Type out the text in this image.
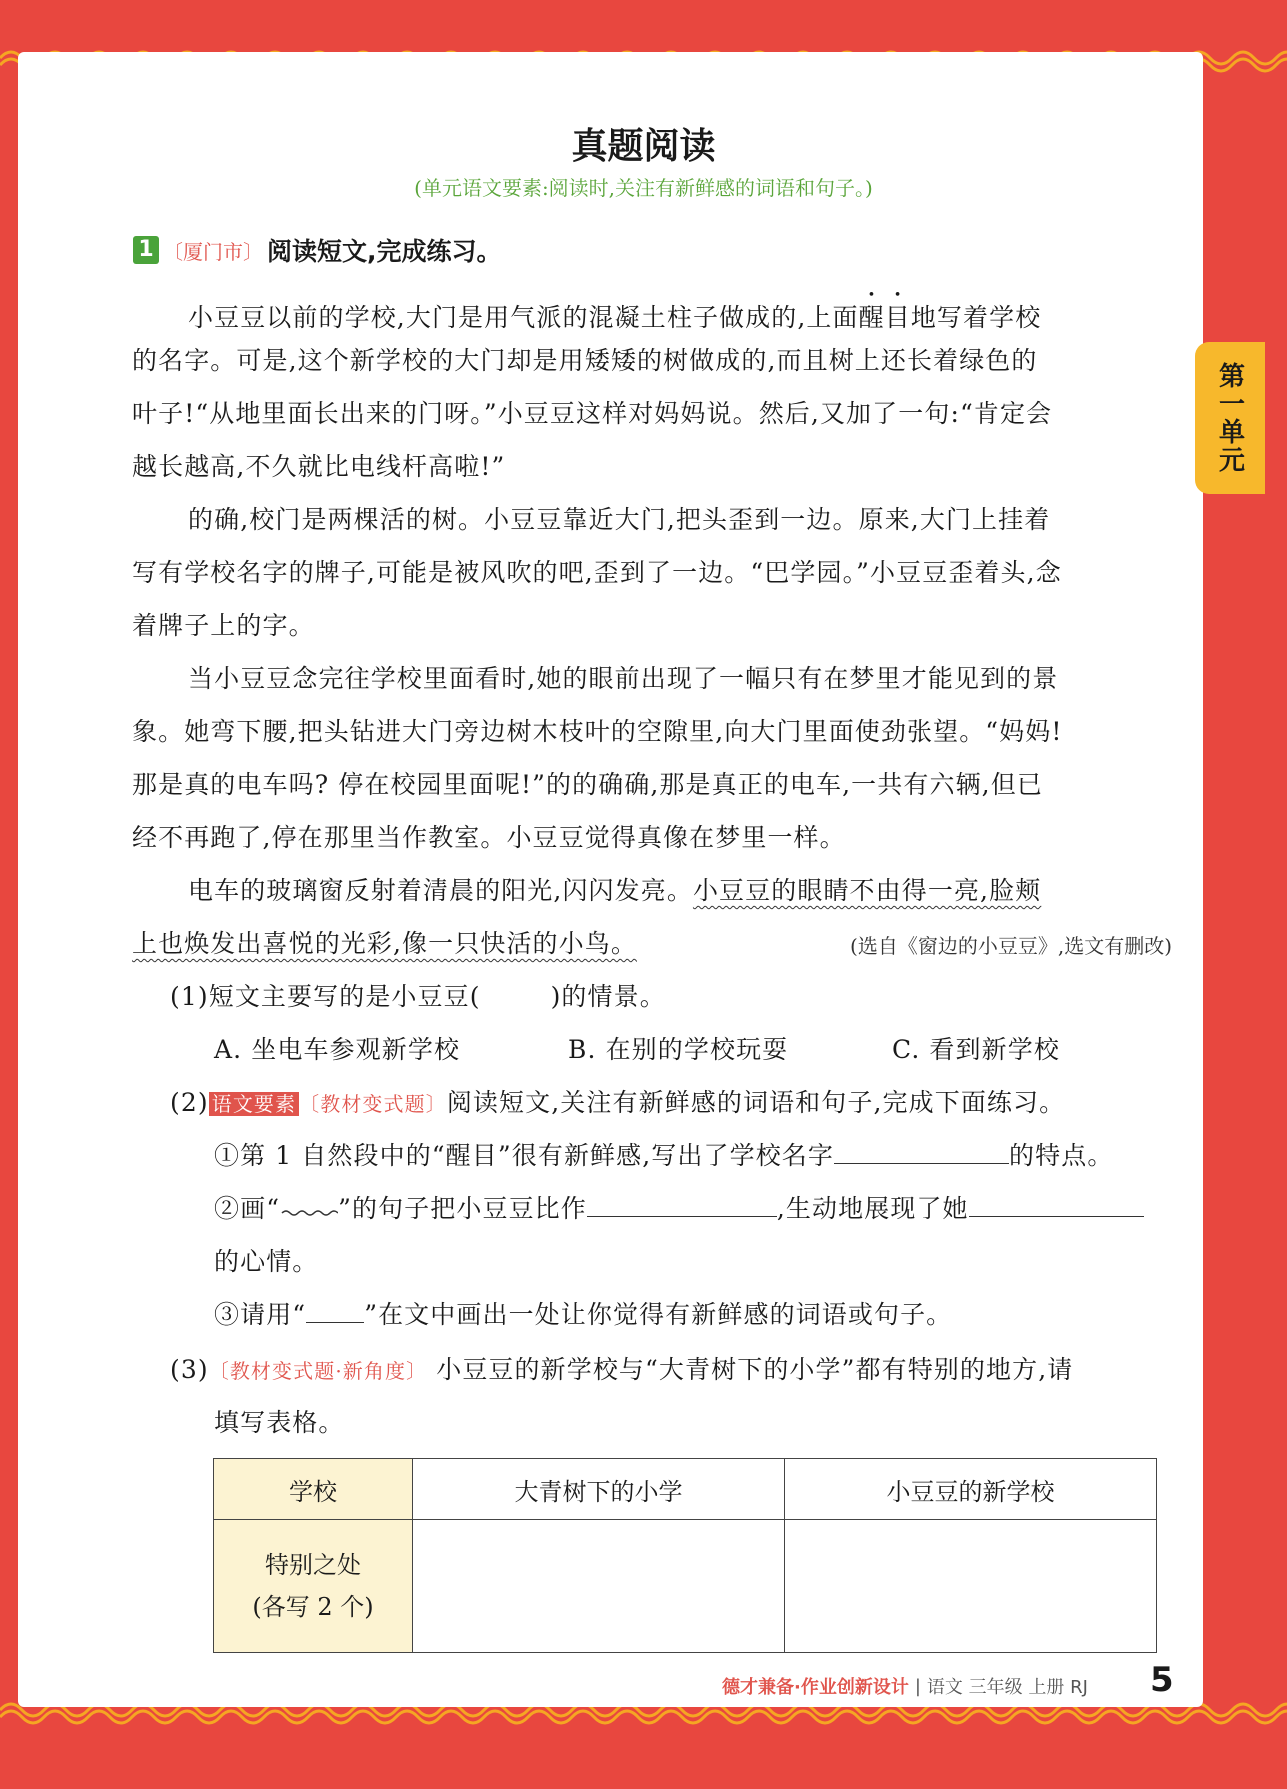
第一单元
真题阅读
(单元语文要素:阅读时,关注有新鲜感的词语和句子。)
1 〔厦门市〕 阅读短文,完成练习。
小豆豆以前的学校,大门是用气派的混凝土柱子做成的,上面醒目地写着学校
的名字。可是,这个新学校的大门却是用矮矮的树做成的,而且树上还长着绿色的
叶子!“从地里面长出来的门呀。”小豆豆这样对妈妈说。然后,又加了一句:“肯定会
越长越高,不久就比电线杆高啦!”
的确,校门是两棵活的树。小豆豆靠近大门,把头歪到一边。原来,大门上挂着
写有学校名字的牌子,可能是被风吹的吧,歪到了一边。“巴学园。”小豆豆歪着头,念
着牌子上的字。
当小豆豆念完往学校里面看时,她的眼前出现了一幅只有在梦里才能见到的景
象。她弯下腰,把头钻进大门旁边树木枝叶的空隙里,向大门里面使劲张望。“妈妈!
那是真的电车吗? 停在校园里面呢!”的的确确,那是真正的电车,一共有六辆,但已
经不再跑了,停在那里当作教室。小豆豆觉得真像在梦里一样。
电车的玻璃窗反射着清晨的阳光,闪闪发亮。小豆豆的眼睛不由得一亮,脸颊
上也焕发出喜悦的光彩,像一只快活的小鸟。	(选自《窗边的小豆豆》,选文有删改)
(1)短文主要写的是小豆豆(	)的情景。
A. 坐电车参观新学校	B. 在别的学校玩耍	C. 看到新学校
(2) 语文要素 〔教材变式题〕阅读短文,关注有新鲜感的词语和句子,完成下面练习。
①第 1 自然段中的“醒目”很有新鲜感,写出了学校名字	的特点。
②画“ ”的句子把小豆豆比作	,生动地展现了她
的心情。
③请用“ ”在文中画出一处让你觉得有新鲜感的词语或句子。
(3)〔教材变式题·新角度〕 小豆豆的新学校与“大青树下的小学”都有特别的地方,请
填写表格。
学校	大青树下的小学	小豆豆的新学校
特别之处
(各写 2 个)		
德才兼备·作业创新设计 | 语文 三年级 上册 RJ 5
